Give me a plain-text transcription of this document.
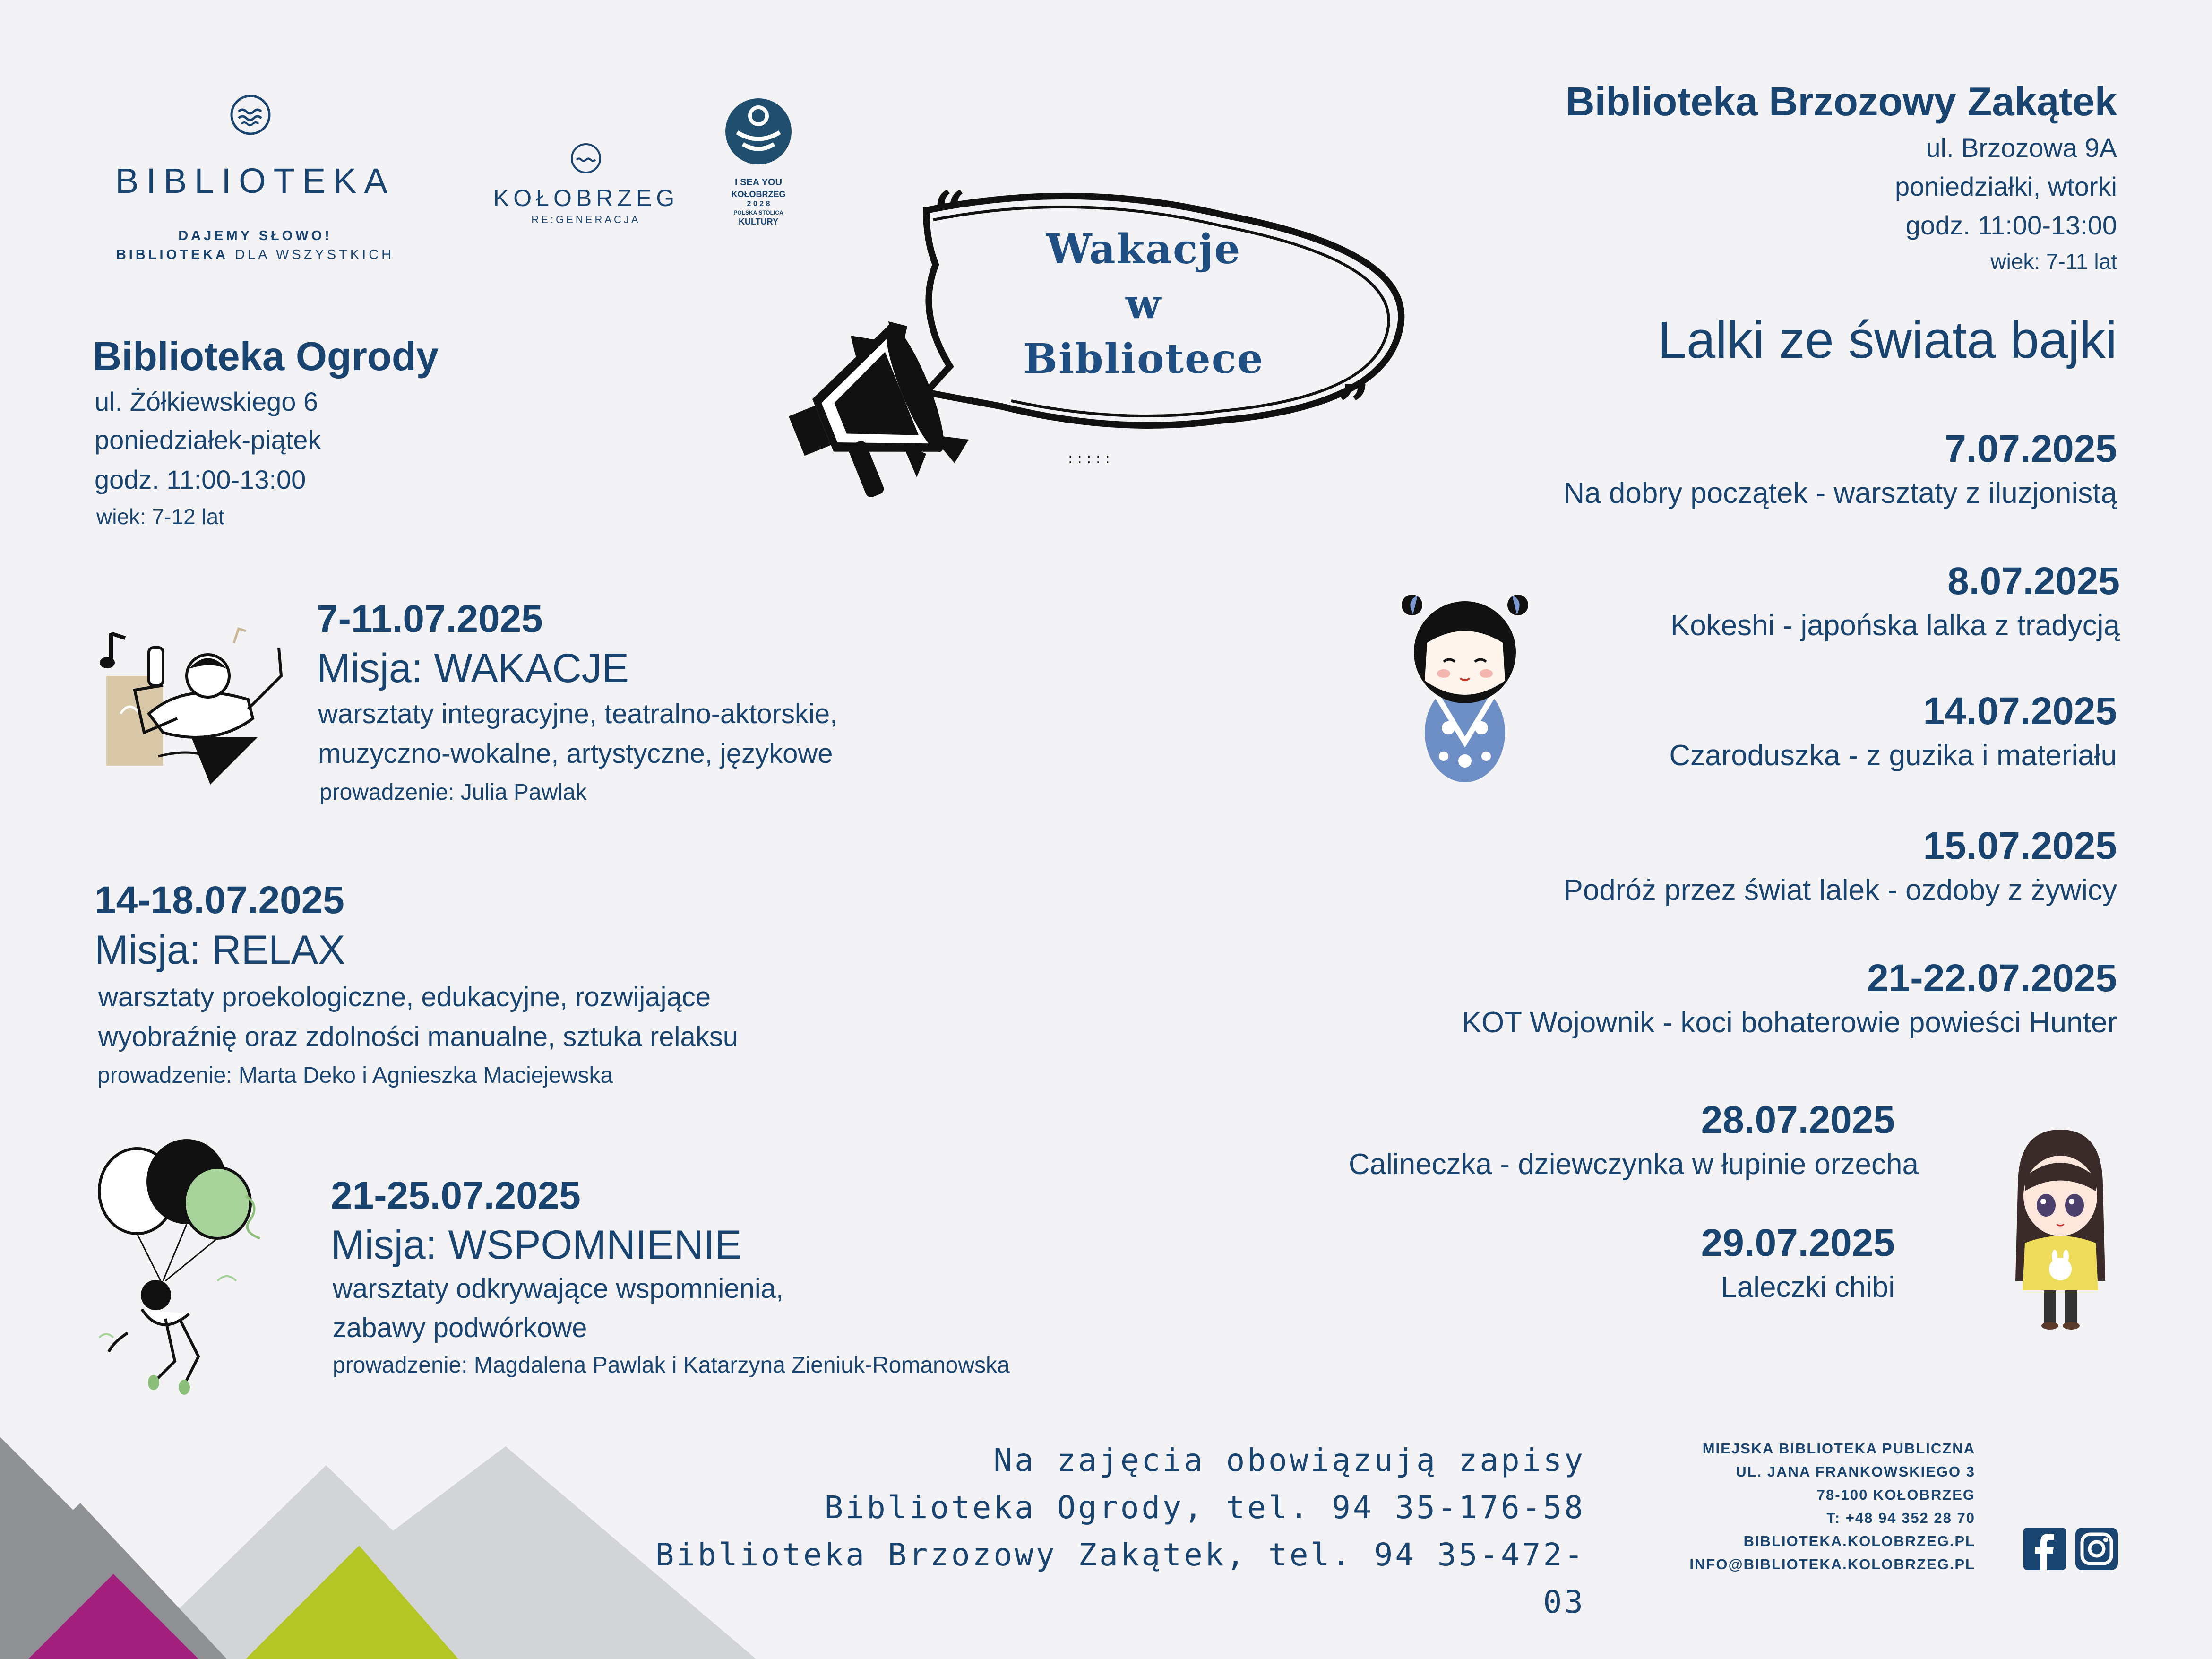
BIBLIOTEKA
DAJEMY SŁOWO!
BIBLIOTEKA DLA WSZYSTKICH
KOŁOBRZEG
RE:GENERACJA
I SEA YOU
KOŁOBRZEG
2 0 2 8
POLSKA STOLICA
KULTURY	“
”
: : : : :
Wakacje
w
Bibliotece
Biblioteka Ogrody
ul. Żółkiewskiego 6
poniedziałek-piątek
godz. 11:00-13:00
wiek: 7-12 lat
7-11.07.2025
Misja: WAKACJE
warsztaty integracyjne, teatralno-aktorskie,
muzyczno-wokalne, artystyczne, językowe
prowadzenie: Julia Pawlak
14-18.07.2025
Misja: RELAX
warsztaty proekologiczne, edukacyjne, rozwijające
wyobraźnię oraz zdolności manualne, sztuka relaksu
prowadzenie: Marta Deko i Agnieszka Maciejewska
21-25.07.2025
Misja: WSPOMNIENIE
warsztaty odkrywające wspomnienia,
zabawy podwórkowe
prowadzenie: Magdalena Pawlak i Katarzyna Zieniuk-Romanowska
Biblioteka Brzozowy Zakątek
ul. Brzozowa 9A
poniedziałki, wtorki
godz. 11:00-13:00
wiek: 7-11 lat
Lalki ze świata bajki
7.07.2025
Na dobry początek - warsztaty z iluzjonistą
8.07.2025
Kokeshi - japońska lalka z tradycją
14.07.2025
Czaroduszka - z guzika i materiału
15.07.2025
Podróż przez świat lalek - ozdoby z żywicy
21-22.07.2025
KOT Wojownik - koci bohaterowie powieści Hunter
28.07.2025
Calineczka - dziewczynka w łupinie orzecha
29.07.2025
Laleczki chibi
Na zajęcia obowiązują zapisy
Biblioteka Ogrody, tel. 94 35-176-58
Biblioteka Brzozowy Zakątek, tel. 94 35-472-03
MIEJSKA BIBLIOTEKA PUBLICZNA
UL. JANA FRANKOWSKIEGO 3
78-100 KOŁOBRZEG
T: +48 94 352 28 70
BIBLIOTEKA.KOLOBRZEG.PL
INFO@BIBLIOTEKA.KOLOBRZEG.PL
